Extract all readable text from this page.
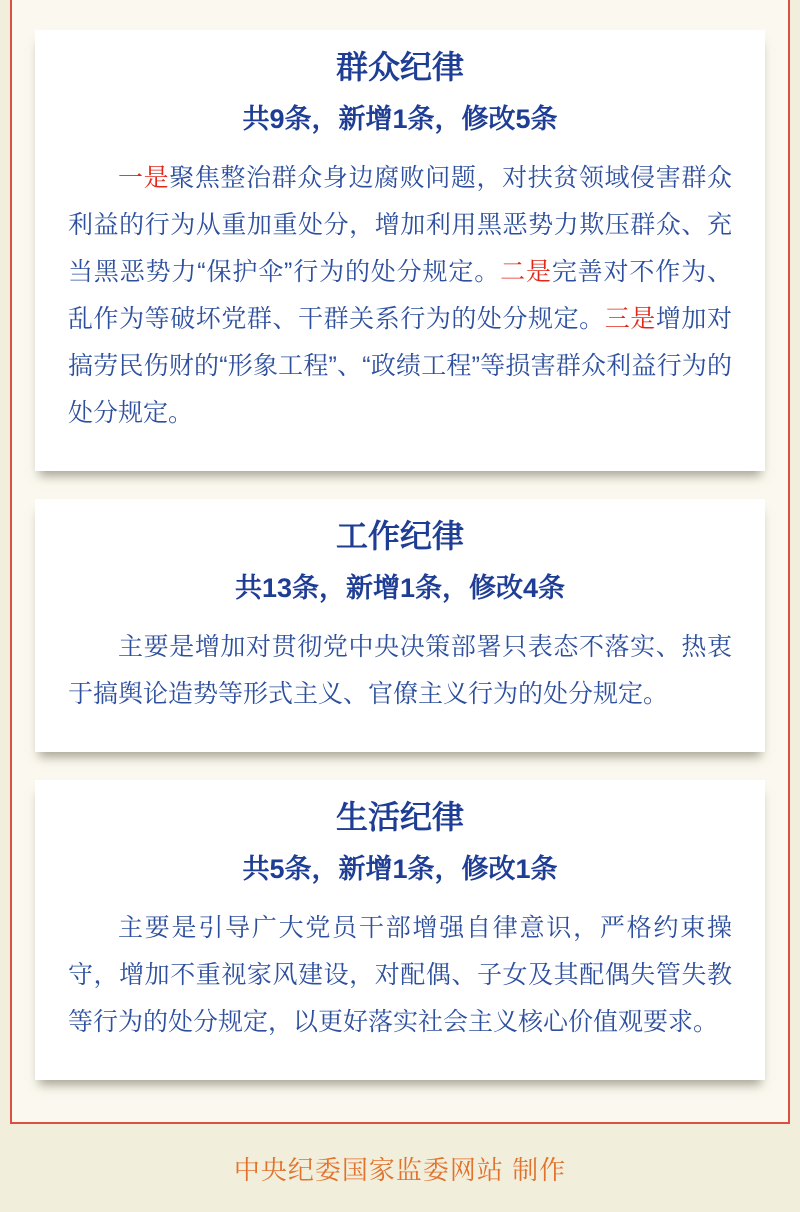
群众纪律
共9条，新增1条，修改5条

一是聚焦整治群众身边腐败问题，对扶贫领域侵害群众利益的行为从重加重处分，增加利用黑恶势力欺压群众、充当黑恶势力“保护伞”行为的处分规定。二是完善对不作为、乱作为等破坏党群、干群关系行为的处分规定。三是增加对搞劳民伤财的“形象工程”、“政绩工程”等损害群众利益行为的处分规定。

工作纪律
共13条，新增1条，修改4条

主要是增加对贯彻党中央决策部署只表态不落实、热衷于搞舆论造势等形式主义、官僚主义行为的处分规定。

生活纪律
共5条，新增1条，修改1条

主要是引导广大党员干部增强自律意识，严格约束操守，增加不重视家风建设，对配偶、子女及其配偶失管失教等行为的处分规定，以更好落实社会主义核心价值观要求。

中央纪委国家监委网站 制作
